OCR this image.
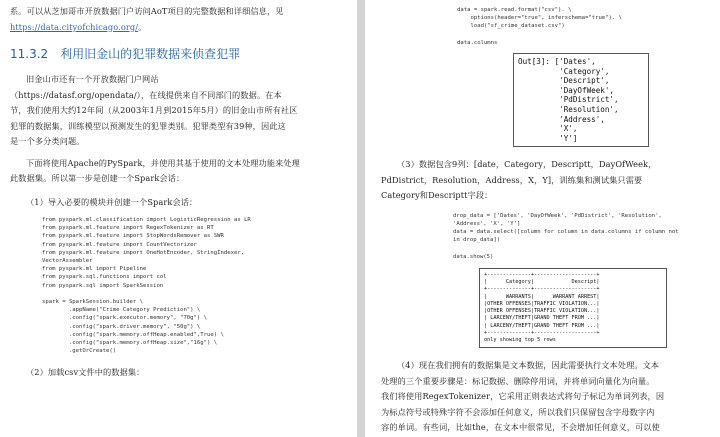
系。可以从芝加哥市开放数据门户访问AoT项目的完整数据和详细信息，见

https://data.cityofchicago.org/。

11.3.2 利用旧金山的犯罪数据来侦查犯罪

旧金山市还有一个开放数据门户网站

（https://datasf.org/opendata/），在线提供来自不同部门的数据。在本

节，我们使用大约12年间（从2003年1月到2015年5月）的旧金山市所有社区

犯罪的数据集，训练模型以预测发生的犯罪类别。犯罪类型有39种，因此这

是一个多分类问题。

下面将使用Apache的PySpark，并使用其基于使用的文本处理功能来处理

此数据集。所以第一步是创建一个Spark会话：

（1）导入必要的模块并创建一个Spark会话：

from pyspark.ml.classification import LogisticRegression as LR
from pyspark.ml.feature import RegexTokenizer as RT
from pyspark.ml.feature import StopWordsRemover as SWR
from pyspark.ml.feature import CountVectorizer
from pyspark.ml.feature import OneHotEncoder, StringIndexer,
VectorAssembler
from pyspark.ml import Pipeline
from pyspark.sql.functions import col
from pyspark.sql import SparkSession

spark = SparkSession.builder \
.appName("Crime Category Prediction") \
.config("spark.executor.memory", "70g") \
.config("spark.driver.memory", "50g") \
.config("spark.memory.offHeap.enabled",True) \
.config("spark.memory.offHeap.size","16g") \
.getOrCreate()

（2）加载csv文件中的数据集：

data = spark.read.format("csv"). \
options(header="true", inferschema="true"). \
load("sf_crime_dataset.csv")

data.columns
Out[3]: ['Dates',
'Category',
'Descript',
'DayOfWeek',
'PdDistrict',
'Resolution',
'Address',
'X',
'Y']

（3）数据包含9列：[date，Category，Descriptt，DayOfWeek，

PdDistrict，Resolution，Address，X，Y]，训练集和测试集只需要

Category和Descriptt字段：

drop_data = ['Dates', 'DayOfWeek', 'PdDistrict', 'Resolution',
'Address', 'X', 'Y']
data = data.select([column for column in data.columns if column not
in drop_data])

data.show(5)
+--------------+--------------------+
|      Category|            Descript|
+--------------+--------------------+
|      WARRANTS|      WARRANT ARREST|
|OTHER OFFENSES|TRAFFIC VIOLATION...|
|OTHER OFFENSES|TRAFFIC VIOLATION...|
| LARCENY/THEFT|GRAND THEFT FROM ...|
| LARCENY/THEFT|GRAND THEFT FROM ...|
+--------------+--------------------+
only showing top 5 rows

（4）现在我们拥有的数据集是文本数据，因此需要执行文本处理。文本

处理的三个重要步骤是：标记数据、删除停用词，并将单词向量化为向量。

我们将使用RegexTokenizer，它采用正则表达式将句子标记为单词列表，因

为标点符号或特殊字符不会添加任何意义，所以我们只保留包含字母数字内

容的单词。有些词，比如the，在文本中很常见，不会增加任何意义，可以使
